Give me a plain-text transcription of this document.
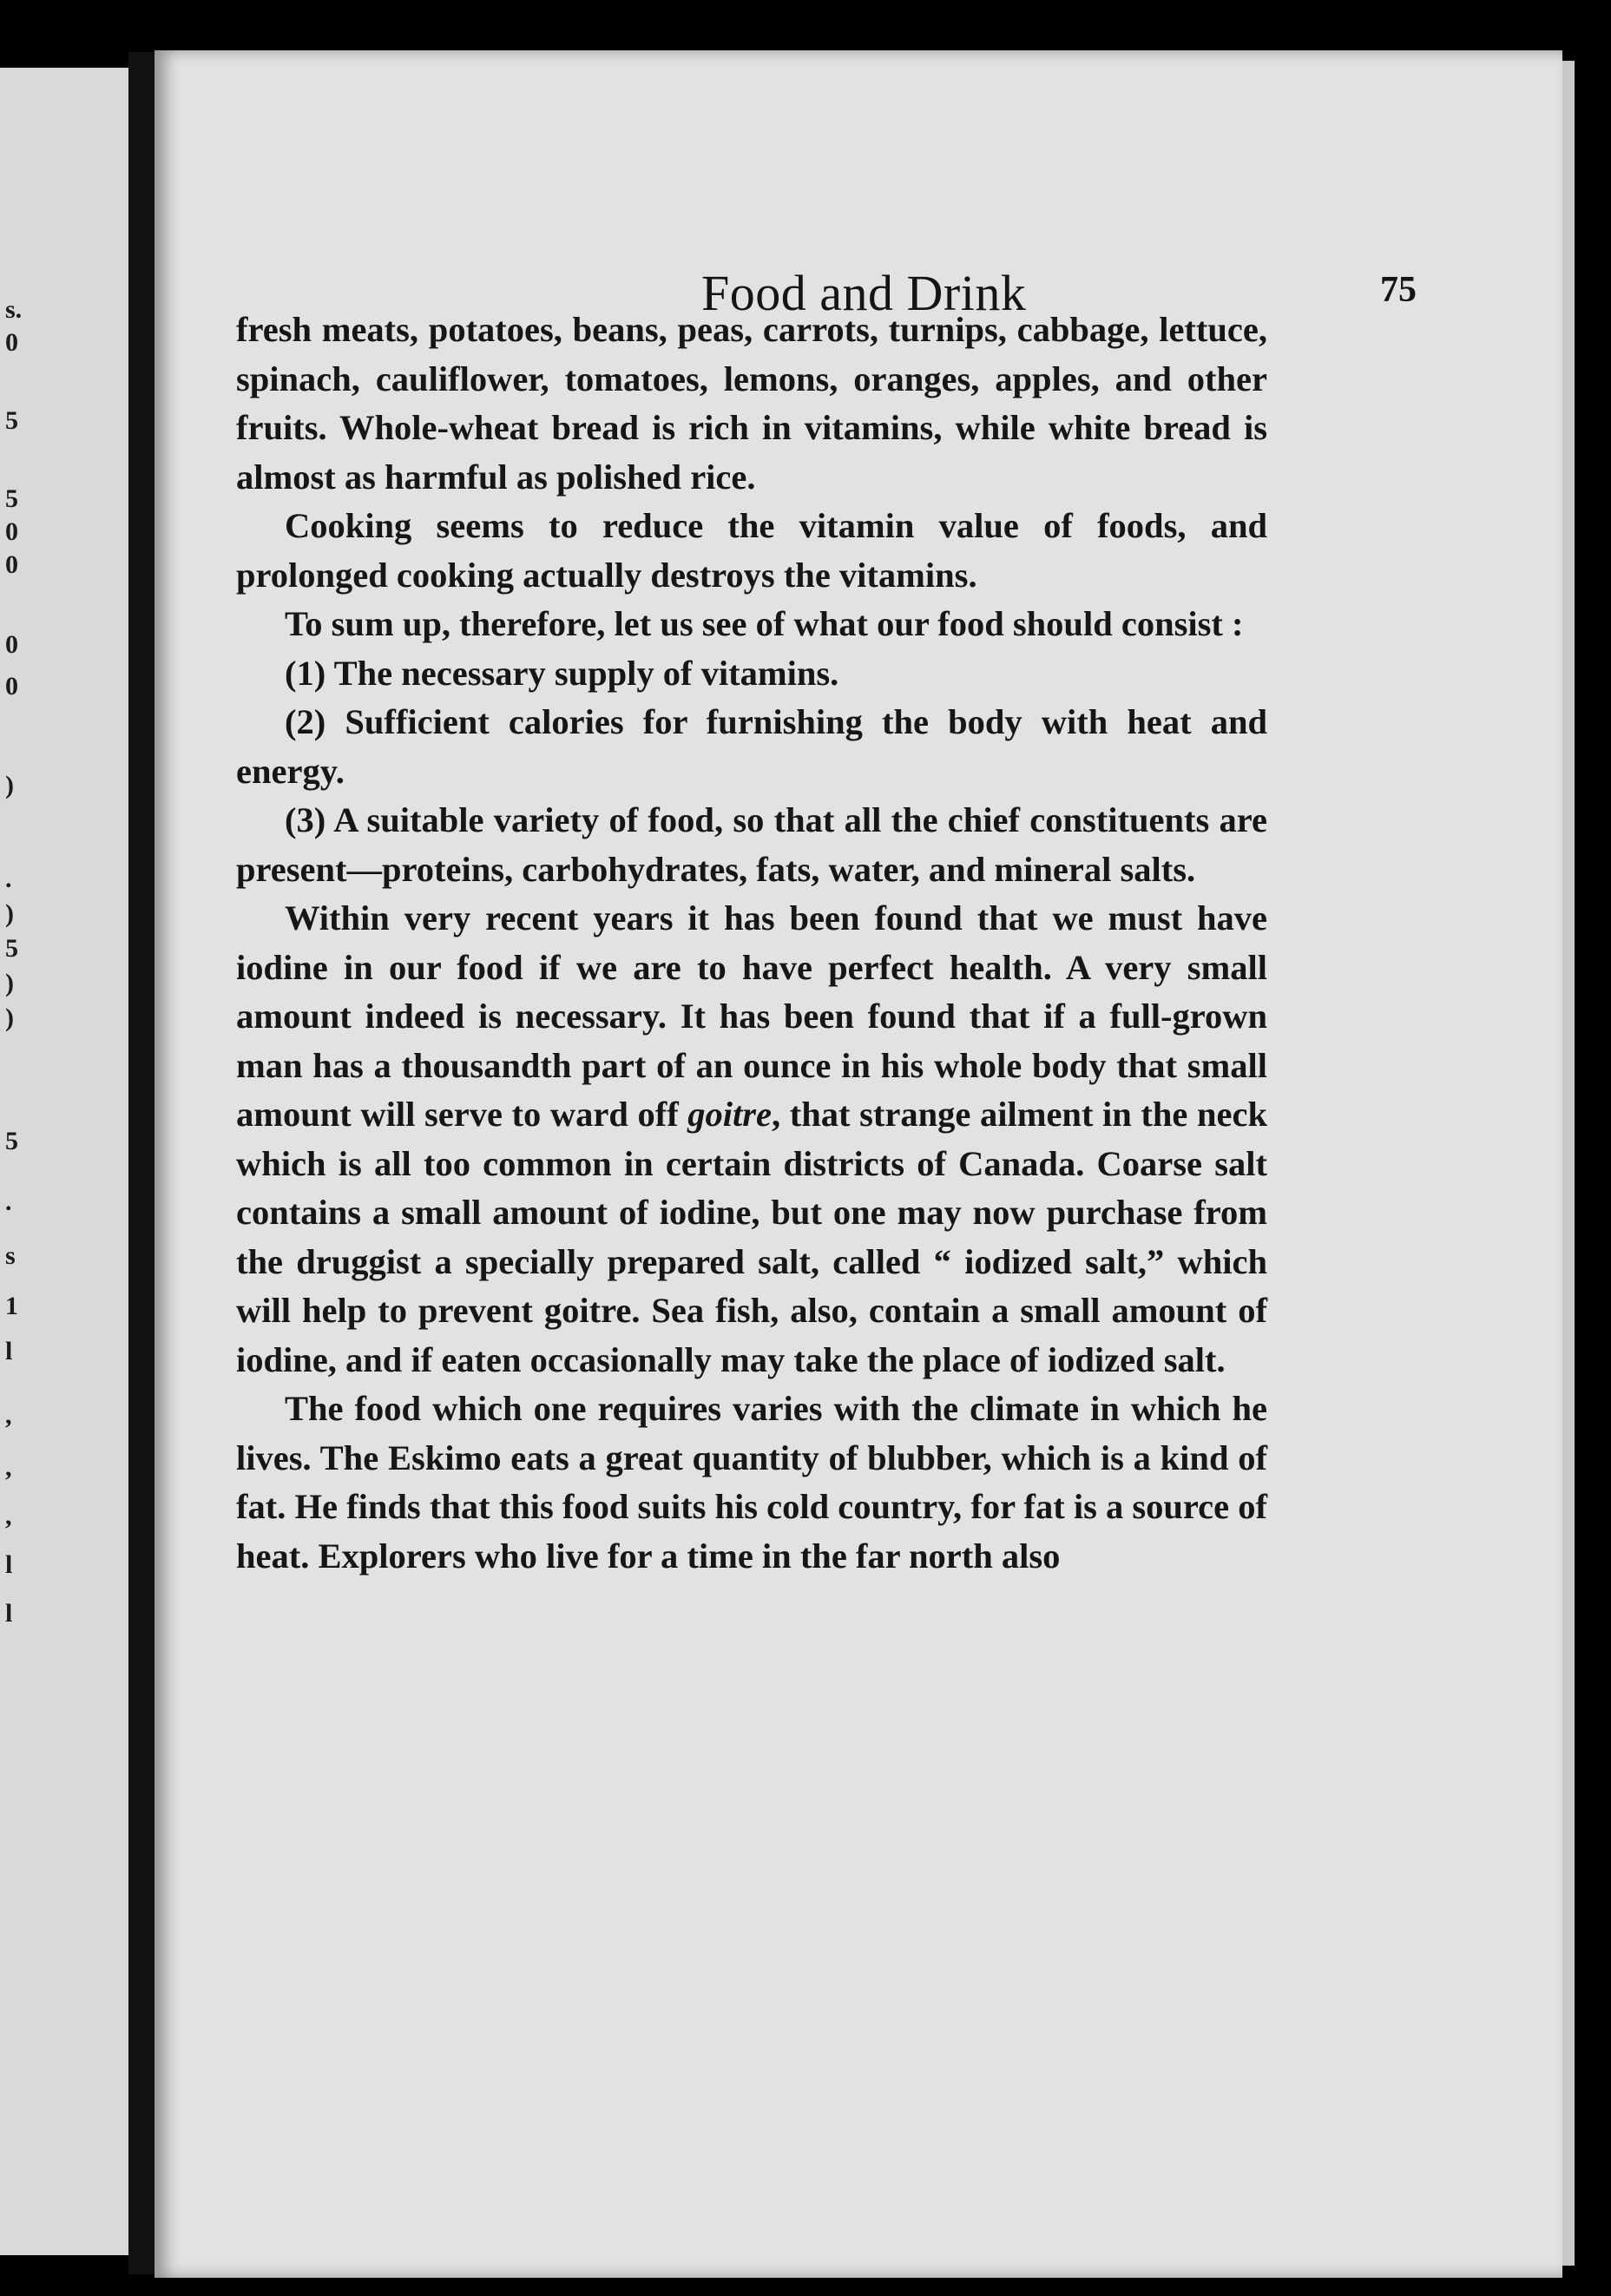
s.
0
5
5
0
0
0
0
)
.
)
5
)
)
5
.
s
1
l
,
,
,
l
l
Food and Drink	75

fresh meats, potatoes, beans, peas, carrots, turnips, cabbage, lettuce, spinach, cauliflower, tomatoes, lemons, oranges, apples, and other fruits. Whole-wheat bread is rich in vitamins, while white bread is almost as harmful as polished rice.

Cooking seems to reduce the vitamin value of foods, and prolonged cooking actually destroys the vitamins.

To sum up, therefore, let us see of what our food should consist :

(1) The necessary supply of vitamins.

(2) Sufficient calories for furnishing the body with heat and energy.

(3) A suitable variety of food, so that all the chief constituents are present—proteins, carbohydrates, fats, water, and mineral salts.

Within very recent years it has been found that we must have iodine in our food if we are to have perfect health. A very small amount indeed is necessary. It has been found that if a full-grown man has a thousandth part of an ounce in his whole body that small amount will serve to ward off goitre, that strange ailment in the neck which is all too common in certain districts of Canada. Coarse salt contains a small amount of iodine, but one may now purchase from the druggist a specially prepared salt, called “ iodized salt,” which will help to prevent goitre. Sea fish, also, contain a small amount of iodine, and if eaten occasionally may take the place of iodized salt.

The food which one requires varies with the climate in which he lives. The Eskimo eats a great quantity of blubber, which is a kind of fat. He finds that this food suits his cold country, for fat is a source of heat. Explorers who live for a time in the far north also
